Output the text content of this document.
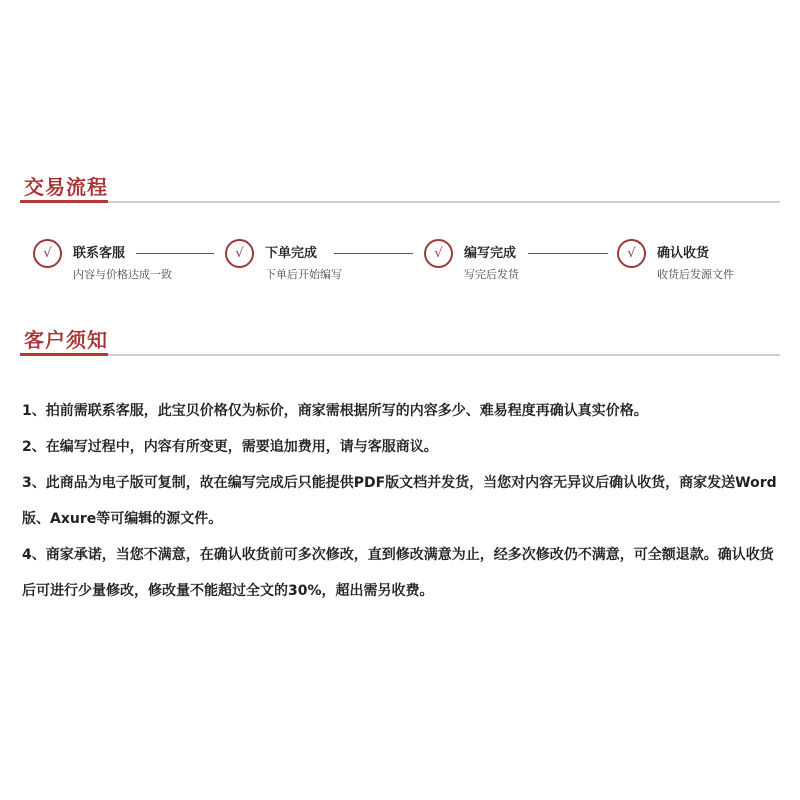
交易流程
√	联系客服
内容与价格达成一致
√	下单完成
下单后开始编写
√	编写完成
写完后发货
√	确认收货
收货后发源文件
客户须知

1、拍前需联系客服，此宝贝价格仅为标价，商家需根据所写的内容多少、难易程度再确认真实价格。

2、在编写过程中，内容有所变更，需要追加费用，请与客服商议。

3、此商品为电子版可复制，故在编写完成后只能提供PDF版文档并发货，当您对内容无异议后确认收货，商家发送Word版、Axure等可编辑的源文件。

4、商家承诺，当您不满意，在确认收货前可多次修改，直到修改满意为止，经多次修改仍不满意，可全额退款。确认收货后可进行少量修改，修改量不能超过全文的30%，超出需另收费。
